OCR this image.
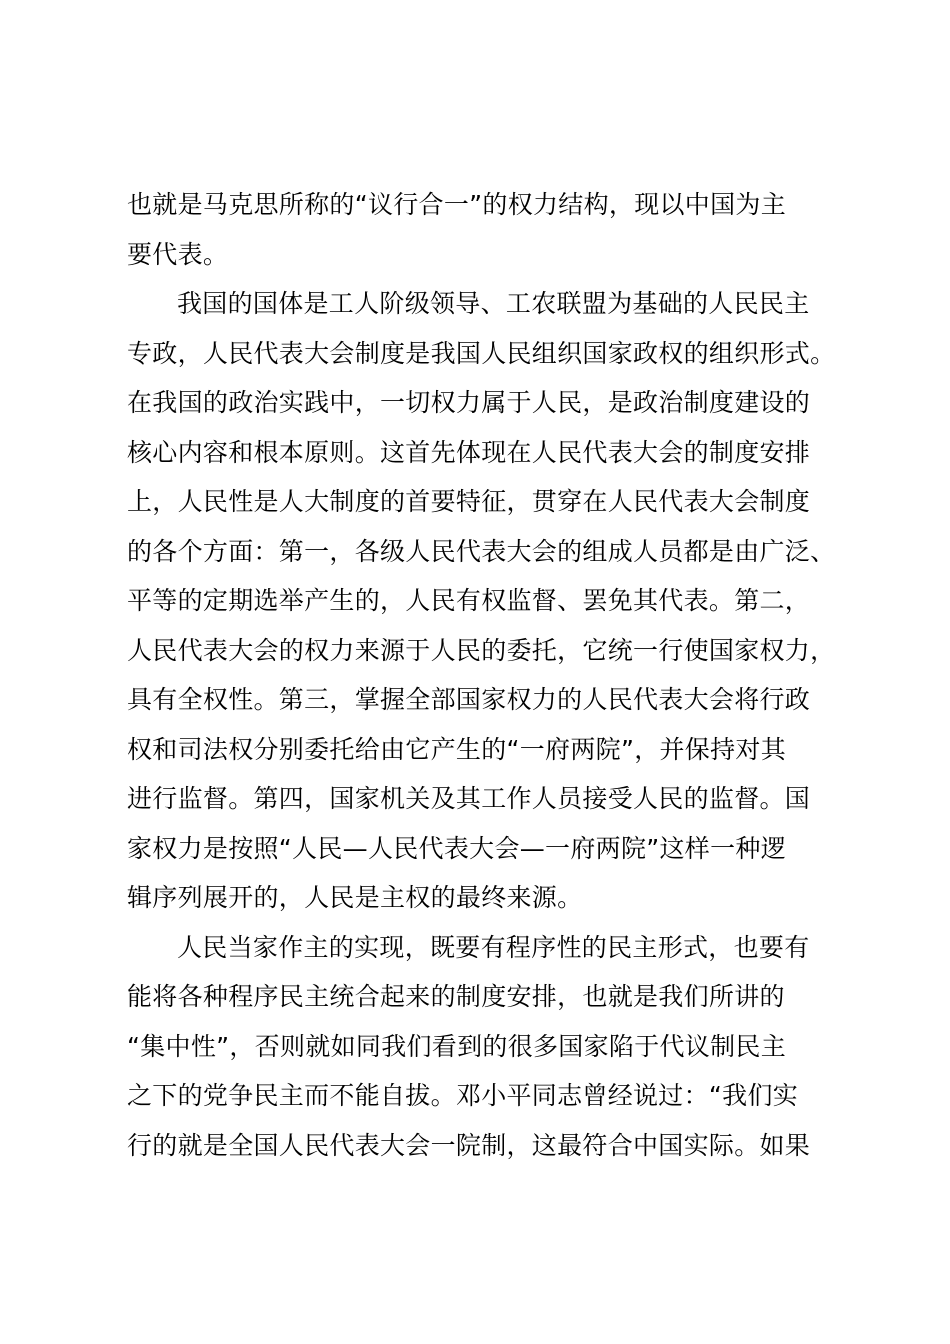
也就是马克思所称的“议行合一”的权力结构，现以中国为主
要代表。
我国的国体是工人阶级领导、工农联盟为基础的人民民主
专政，人民代表大会制度是我国人民组织国家政权的组织形式。
在我国的政治实践中，一切权力属于人民，是政治制度建设的
核心内容和根本原则。这首先体现在人民代表大会的制度安排
上，人民性是人大制度的首要特征，贯穿在人民代表大会制度
的各个方面：第一，各级人民代表大会的组成人员都是由广泛、
平等的定期选举产生的，人民有权监督、罢免其代表。第二，
人民代表大会的权力来源于人民的委托，它统一行使国家权力，
具有全权性。第三，掌握全部国家权力的人民代表大会将行政
权和司法权分别委托给由它产生的“一府两院”，并保持对其
进行监督。第四，国家机关及其工作人员接受人民的监督。国
家权力是按照“人民—人民代表大会—一府两院”这样一种逻
辑序列展开的，人民是主权的最终来源。
人民当家作主的实现，既要有程序性的民主形式，也要有
能将各种程序民主统合起来的制度安排，也就是我们所讲的
“集中性”，否则就如同我们看到的很多国家陷于代议制民主
之下的党争民主而不能自拔。邓小平同志曾经说过：“我们实
行的就是全国人民代表大会一院制，这最符合中国实际。如果
